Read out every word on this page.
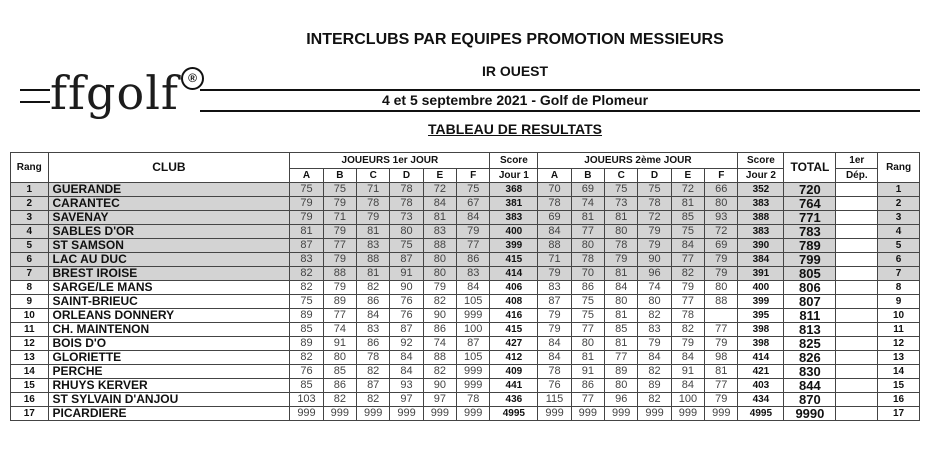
INTERCLUBS PAR EQUIPES PROMOTION MESSIEURS
IR OUEST
4 et 5 septembre 2021 - Golf de Plomeur
TABLEAU DE RESULTATS
ffgolf ®
Rang	CLUB	JOUEURS 1er JOUR						Score	JOUEURS 2ème JOUR						Score	TOTAL	1er	Rang
		A	B	C	D	E	F	Jour 1	A	B	C	D	E	F	Jour 2		Dép.	
1	GUERANDE	75	75	71	78	72	75	368	70	69	75	75	72	66	352	720		1
2	CARANTEC	79	79	78	78	84	67	381	78	74	73	78	81	80	383	764		2
3	SAVENAY	79	71	79	73	81	84	383	69	81	81	72	85	93	388	771		3
4	SABLES D'OR	81	79	81	80	83	79	400	84	77	80	79	75	72	383	783		4
5	ST SAMSON	87	77	83	75	88	77	399	88	80	78	79	84	69	390	789		5
6	LAC AU DUC	83	79	88	87	80	86	415	71	78	79	90	77	79	384	799		6
7	BREST IROISE	82	88	81	91	80	83	414	79	70	81	96	82	79	391	805		7
8	SARGE/LE MANS	82	79	82	90	79	84	406	83	86	84	74	79	80	400	806		8
9	SAINT-BRIEUC	75	89	86	76	82	105	408	87	75	80	80	77	88	399	807		9
10	ORLEANS DONNERY	89	77	84	76	90	999	416	79	75	81	82	78		395	811		10
11	CH. MAINTENON	85	74	83	87	86	100	415	79	77	85	83	82	77	398	813		11
12	BOIS D'O	89	91	86	92	74	87	427	84	80	81	79	79	79	398	825		12
13	GLORIETTE	82	80	78	84	88	105	412	84	81	77	84	84	98	414	826		13
14	PERCHE	76	85	82	84	82	999	409	78	91	89	82	91	81	421	830		14
15	RHUYS KERVER	85	86	87	93	90	999	441	76	86	80	89	84	77	403	844		15
16	ST SYLVAIN D'ANJOU	103	82	82	97	97	78	436	115	77	96	82	100	79	434	870		16
17	PICARDIERE	999	999	999	999	999	999	4995	999	999	999	999	999	999	4995	9990		17
